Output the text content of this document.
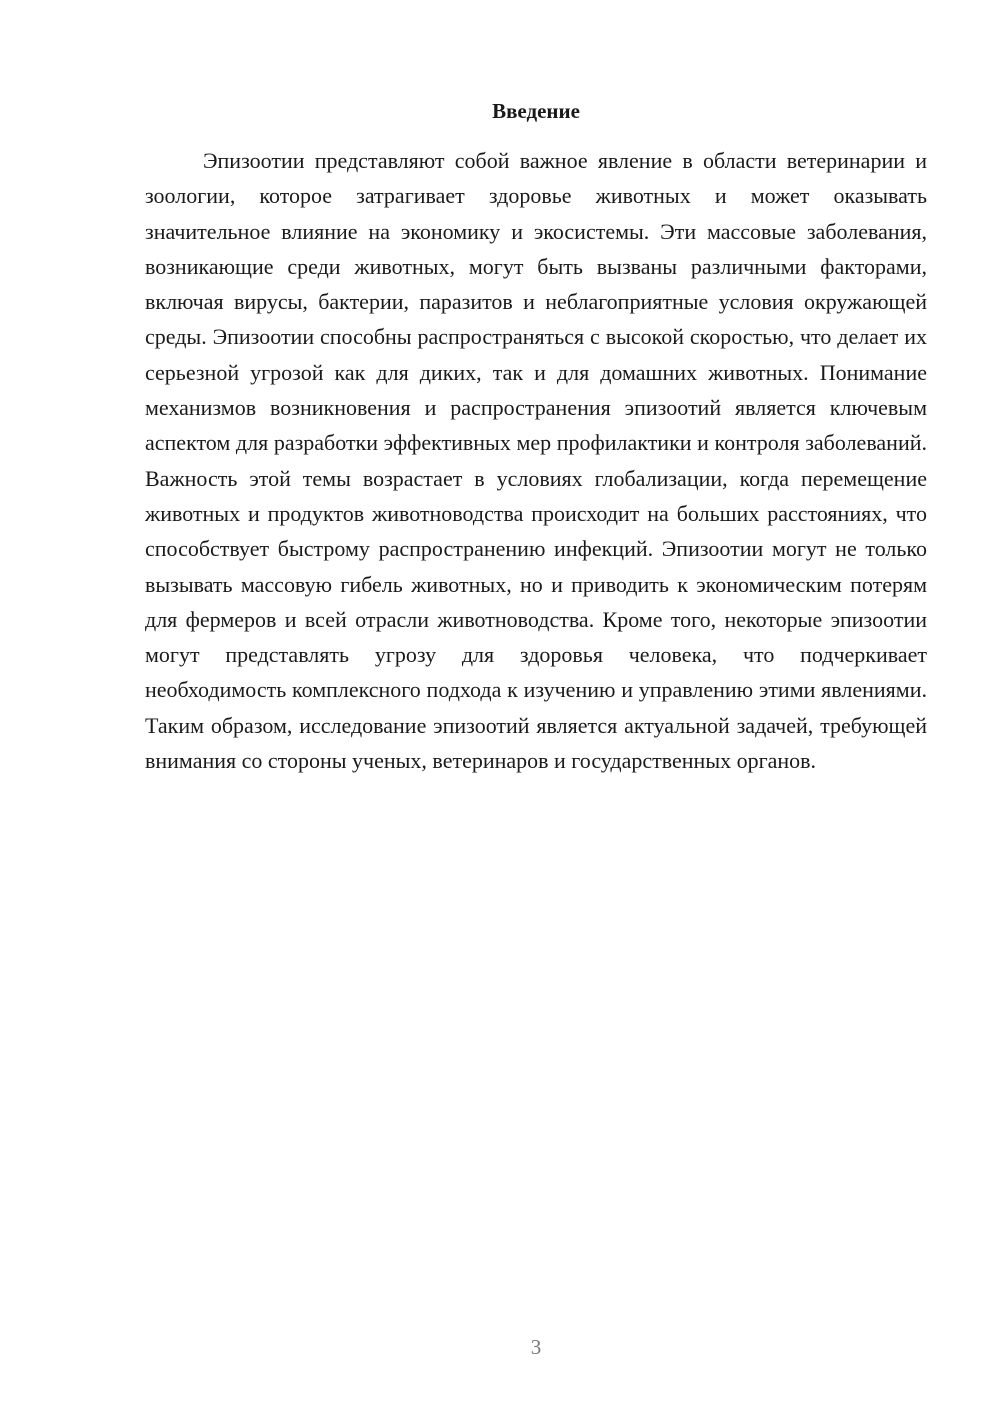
Введение

Эпизоотии представляют собой важное явление в области ветеринарии и зоологии, которое затрагивает здоровье животных и может оказывать значительное влияние на экономику и экосистемы. Эти массовые заболевания, возникающие среди животных, могут быть вызваны различными факторами, включая вирусы, бактерии, паразитов и неблагоприятные условия окружающей среды. Эпизоотии способны распространяться с высокой скоростью, что делает их серьезной угрозой как для диких, так и для домашних животных. Понимание механизмов возникновения и распространения эпизоотий является ключевым аспектом для разработки эффективных мер профилактики и контроля заболеваний. Важность этой темы возрастает в условиях глобализации, когда перемещение животных и продуктов животноводства происходит на больших расстояниях, что способствует быстрому распространению инфекций. Эпизоотии могут не только вызывать массовую гибель животных, но и приводить к экономическим потерям для фермеров и всей отрасли животноводства. Кроме того, некоторые эпизоотии могут представлять угрозу для здоровья человека, что подчеркивает необходимость комплексного подхода к изучению и управлению этими явлениями. Таким образом, исследование эпизоотий является актуальной задачей, требующей внимания со стороны ученых, ветеринаров и государственных органов.

3
